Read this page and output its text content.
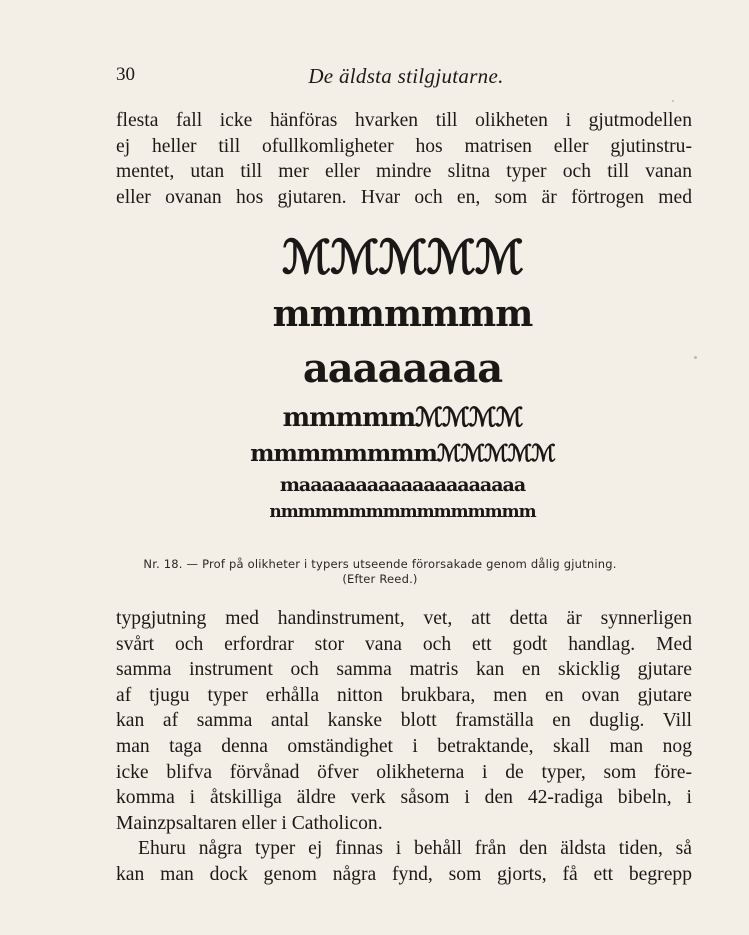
30	De äldsta stilgjutarne.
flesta fall icke hänföras hvarken till olikheten i gjutmodellen
ej heller till ofullkomligheter hos matrisen eller gjutinstru-
mentet, utan till mer eller mindre slitna typer och till vanan
eller ovanan hos gjutaren. Hvar och en, som är förtrogen med
ℳℳℳℳℳ
mmmmmmm
aaaaaaaa
mmmmmℳℳℳℳ
mmmmmmmmℳℳℳℳℳ
maaaaaaaaaaaaaaaaaaaa
nmmmmmmmmmmmmmmm
Nr. 18. — Prof på olikheter i typers utseende förorsakade genom dålig gjutning.
(Efter Reed.)
typgjutning med handinstrument, vet, att detta är synnerligen
svårt och erfordrar stor vana och ett godt handlag. Med
samma instrument och samma matris kan en skicklig gjutare
af tjugu typer erhålla nitton brukbara, men en ovan gjutare
kan af samma antal kanske blott framställa en duglig. Vill
man taga denna omständighet i betraktande, skall man nog
icke blifva förvånad öfver olikheterna i de typer, som före-
komma i åtskilliga äldre verk såsom i den 42-radiga bibeln, i
Mainzpsaltaren eller i Catholicon.
Ehuru några typer ej finnas i behåll från den äldsta tiden, så
kan man dock genom några fynd, som gjorts, få ett begrepp
